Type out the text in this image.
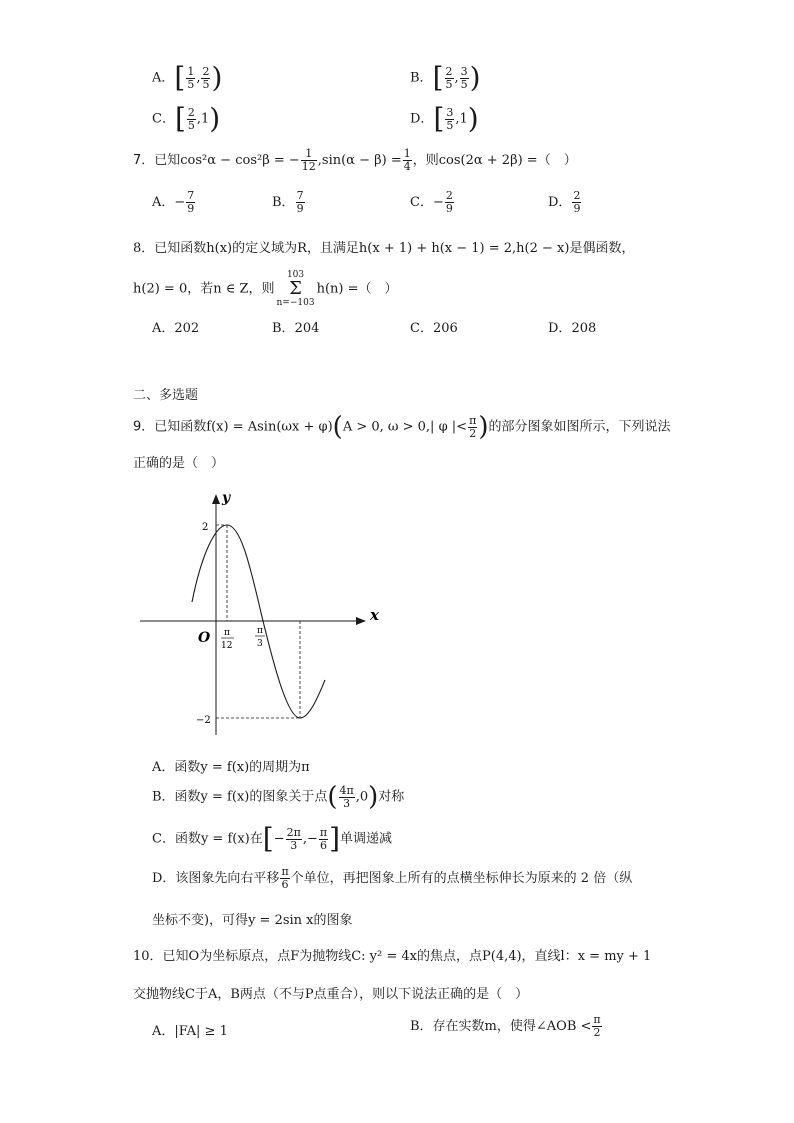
A．[ $\frac{1}{5}$ , $\frac{2}{5}$ )	B．[ $\frac{2}{5}$ , $\frac{3}{5}$ )
C．[ $\frac{2}{5} ,1$)	D．[ $\frac{3}{5} ,1$)
7．已知cos²α − cos²β = − $\frac{1}{12} ,\sin(\alpha - \beta) = \frac{1}{4}$ ，则cos(2α + 2β) =（　）
A．− $\frac{7}{9}$	B． $\frac{7}{9}$	C．− $\frac{2}{9}$	D． $\frac{2}{9}$
8．已知函数h(x)的定义域为R，且满足h(x + 1) + h(x − 1) = 2,h(2 − x)是偶函数，
h(2) = 0，若n ∈ Z，则103
Σ
n=−103h(n) =（　）
A．202	B．204	C．206	D．208
二、多选题
9．已知函数f(x) = Asin(ωx + φ)(A > 0, ω > 0,| φ |< $\frac{\pi}{2}$ )的部分图象如图所示，下列说法
正确的是（　）
y
x
O
2
−2
π
12
π
3
A．函数y = f(x)的周期为π
B．函数y = f(x)的图象关于点( $\frac{4\pi}{3} ,0$)对称
C．函数y = f(x)在[− $\frac{2\pi}{3}$ ,− $\frac{\pi}{6}$ ]单调递减
D．该图象先向右平移 $\frac{\pi}{6}$ 个单位，再把图象上所有的点横坐标伸长为原来的 2 倍（纵
坐标不变)，可得y = 2sin x的图象
10．已知O为坐标原点，点F为抛物线C: y² = 4x的焦点，点P(4,4)，直线l：x = my + 1
交抛物线C于A，B两点（不与P点重合），则以下说法正确的是（　）
A．|FA| ≥ 1	B．存在实数m，使得∠AOB < $\frac{\pi}{2}$
